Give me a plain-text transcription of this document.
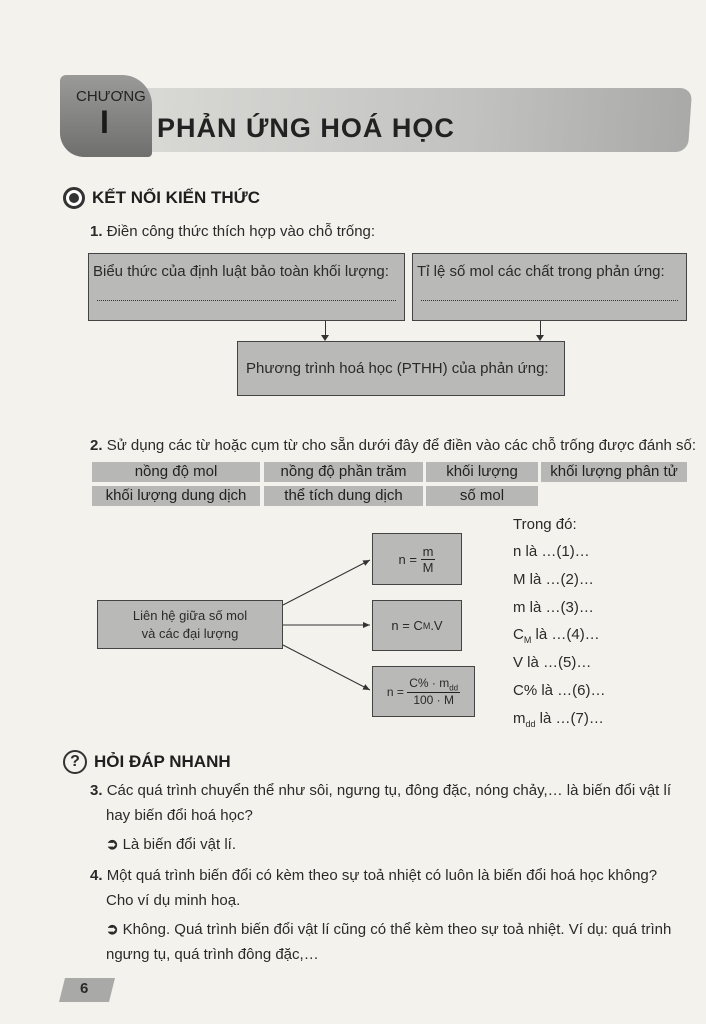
CHƯƠNG
I PHẢN ỨNG HOÁ HỌC
KẾT NỐI KIẾN THỨC
1. Điền công thức thích hợp vào chỗ trống:
Biểu thức của định luật bảo toàn khối lượng:	Tỉ lệ số mol các chất trong phản ứng:
Phương trình hoá học (PTHH) của phản ứng:
2. Sử dụng các từ hoặc cụm từ cho sẵn dưới đây để điền vào các chỗ trống được đánh số:
nồng độ mol	nồng độ phần trăm	khối lượng	khối lượng phân tử
khối lượng dung dịch	thể tích dung dịch	số mol
Liên hệ giữa số mol
và các đại lượng
n =
$\frac{m}{M}$
n = C M .V
n =
$\frac{C\% \cdot m_{dd}}{100 \cdot M}$
Trong đó:
n là …(1)…
M là …(2)…
m là …(3)…
$C_M$ là …(4)…
V là …(5)…
C% là …(6)…
$m_{dd}$ là …(7)…
? HỎI ĐÁP NHANH
3. Các quá trình chuyển thể như sôi, ngưng tụ, đông đặc, nóng chảy,… là biến đổi vật lí
hay biến đổi hoá học?
➲ Là biến đổi vật lí.
4. Một quá trình biến đổi có kèm theo sự toả nhiệt có luôn là biến đổi hoá học không?
Cho ví dụ minh hoạ.
➲ Không. Quá trình biến đổi vật lí cũng có thể kèm theo sự toả nhiệt. Ví dụ: quá trình
ngưng tụ, quá trình đông đặc,…
6
